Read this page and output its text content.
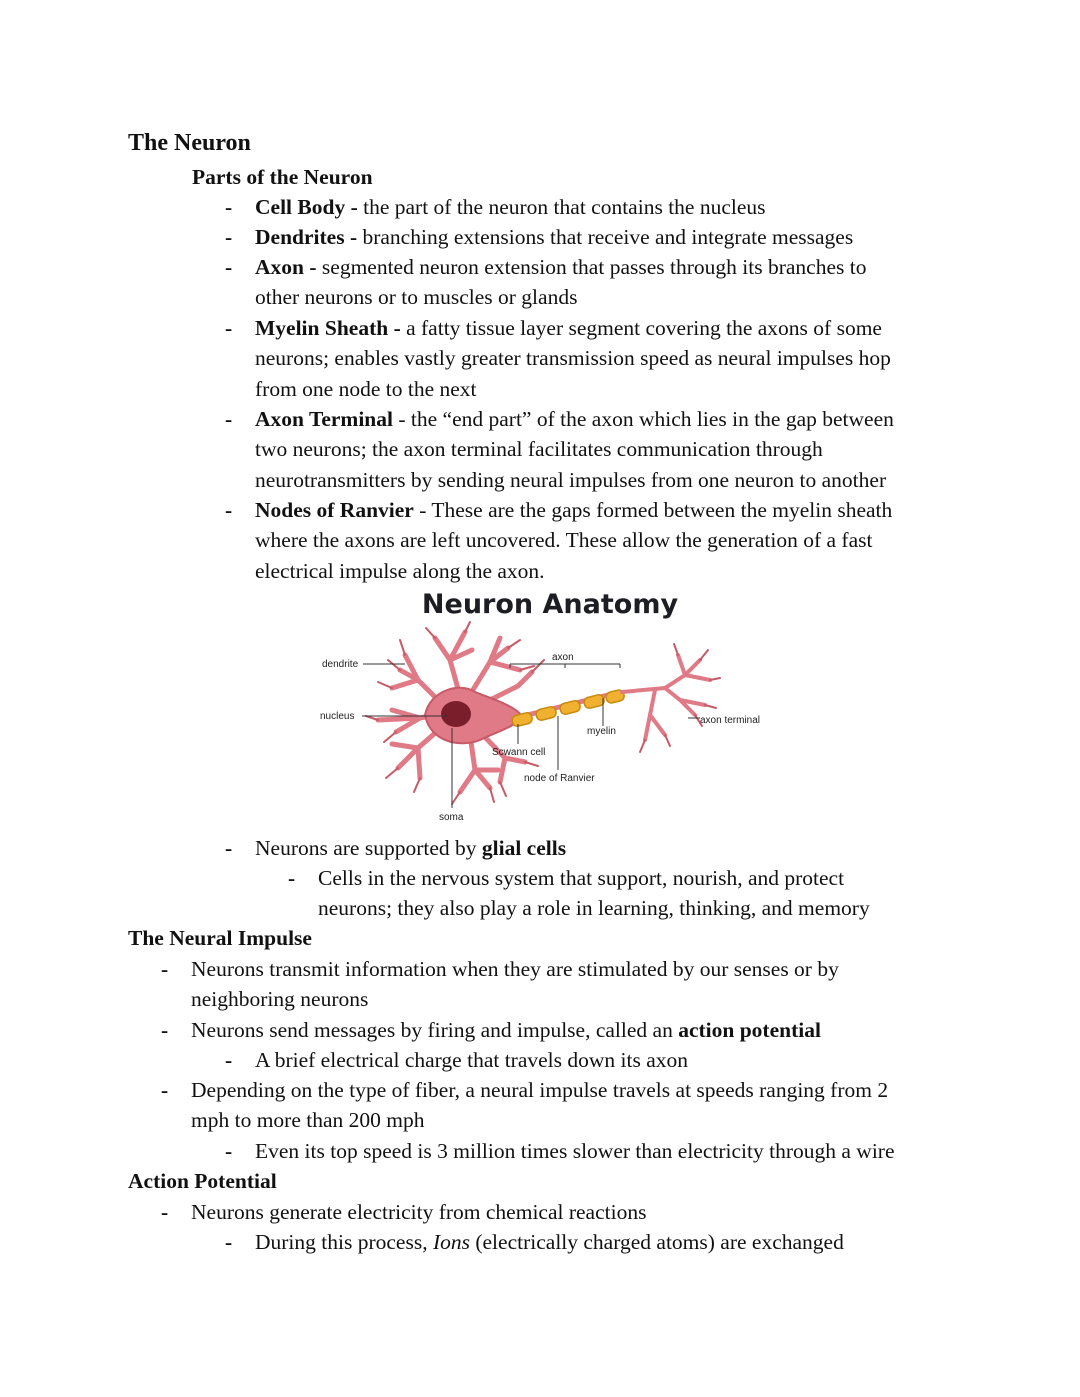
The Neuron
Parts of the Neuron
- Cell Body - the part of the neuron that contains the nucleus
- Dendrites - branching extensions that receive and integrate messages
- Axon - segmented neuron extension that passes through its branches to
other neurons or to muscles or glands
- Myelin Sheath - a fatty tissue layer segment covering the axons of some
neurons; enables vastly greater transmission speed as neural impulses hop
from one node to the next
- Axon Terminal - the “end part” of the axon which lies in the gap between
two neurons; the axon terminal facilitates communication through
neurotransmitters by sending neural impulses from one neuron to another
- Nodes of Ranvier - These are the gaps formed between the myelin sheath
where the axons are left uncovered. These allow the generation of a fast
electrical impulse along the axon.
Neuron Anatomy
dendrite
nucleus
axon
myelin
axon terminal
Scwann cell
node of Ranvier
soma
- Neurons are supported by glial cells
- Cells in the nervous system that support, nourish, and protect
neurons; they also play a role in learning, thinking, and memory
The Neural Impulse
- Neurons transmit information when they are stimulated by our senses or by
neighboring neurons
- Neurons send messages by firing and impulse, called an action potential
- A brief electrical charge that travels down its axon
- Depending on the type of fiber, a neural impulse travels at speeds ranging from 2
mph to more than 200 mph
- Even its top speed is 3 million times slower than electricity through a wire
Action Potential
- Neurons generate electricity from chemical reactions
- During this process, Ions (electrically charged atoms) are exchanged
